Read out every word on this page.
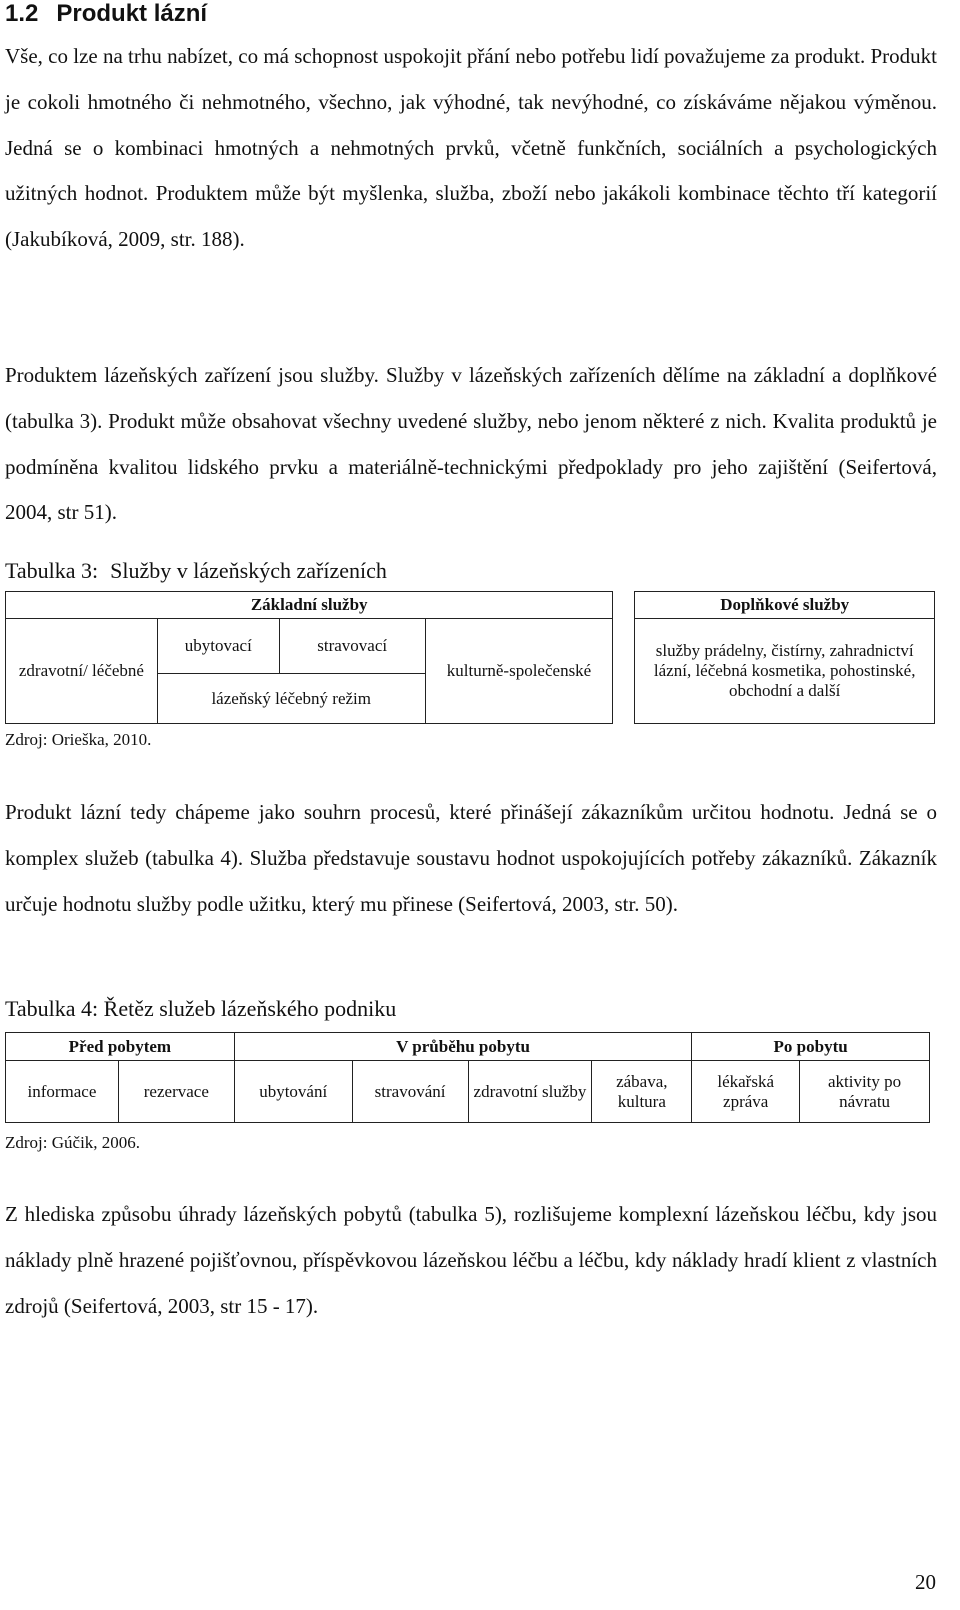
1.2 Produkt lázní

Vše, co lze na trhu nabízet, co má schopnost uspokojit přání nebo potřebu lidí považujeme za produkt. Produkt je cokoli hmotného či nehmotného, všechno, jak výhodné, tak nevýhodné, co získáváme nějakou výměnou. Jedná se o kombinaci hmotných a nehmotných prvků, včetně funkčních, sociálních a psychologických užitných hodnot. Produktem může být myšlenka, služba, zboží nebo jakákoli kombinace těchto tří kategorií (Jakubíková, 2009, str. 188).

Produktem lázeňských zařízení jsou služby. Služby v lázeňských zařízeních dělíme na základní a doplňkové (tabulka 3). Produkt může obsahovat všechny uvedené služby, nebo jenom některé z nich. Kvalita produktů je podmíněna kvalitou lidského prvku a materiálně-technickými předpoklady pro jeho zajištění (Seifertová, 2004, str 51).

Tabulka 3: Služby v lázeňských zařízeních
Základní služby					Doplňkové služby
zdravotní/ léčebné	ubytovací	stravovací	kulturně-společenské		služby prádelny, čistírny, zahradnictví lázní, léčebná kosmetika, pohostinské, obchodní a další
	lázeňský léčebný režim				
Zdroj: Orieška, 2010.

Produkt lázní tedy chápeme jako souhrn procesů, které přinášejí zákazníkům určitou hodnotu. Jedná se o komplex služeb (tabulka 4). Služba představuje soustavu hodnot uspokojujících potřeby zákazníků. Zákazník určuje hodnotu služby podle užitku, který mu přinese (Seifertová, 2003, str. 50).

Tabulka 4: Řetěz služeb lázeňského podniku
Před pobytem		V průběhu pobytu				Po pobytu	
informace	rezervace	ubytování	stravování	zdravotní služby	zábava, kultura	lékařská zpráva	aktivity po návratu
Zdroj: Gúčik, 2006.

Z hlediska způsobu úhrady lázeňských pobytů (tabulka 5), rozlišujeme komplexní lázeňskou léčbu, kdy jsou náklady plně hrazené pojišťovnou, příspěvkovou lázeňskou léčbu a léčbu, kdy náklady hradí klient z vlastních zdrojů (Seifertová, 2003, str 15 - 17).

20
